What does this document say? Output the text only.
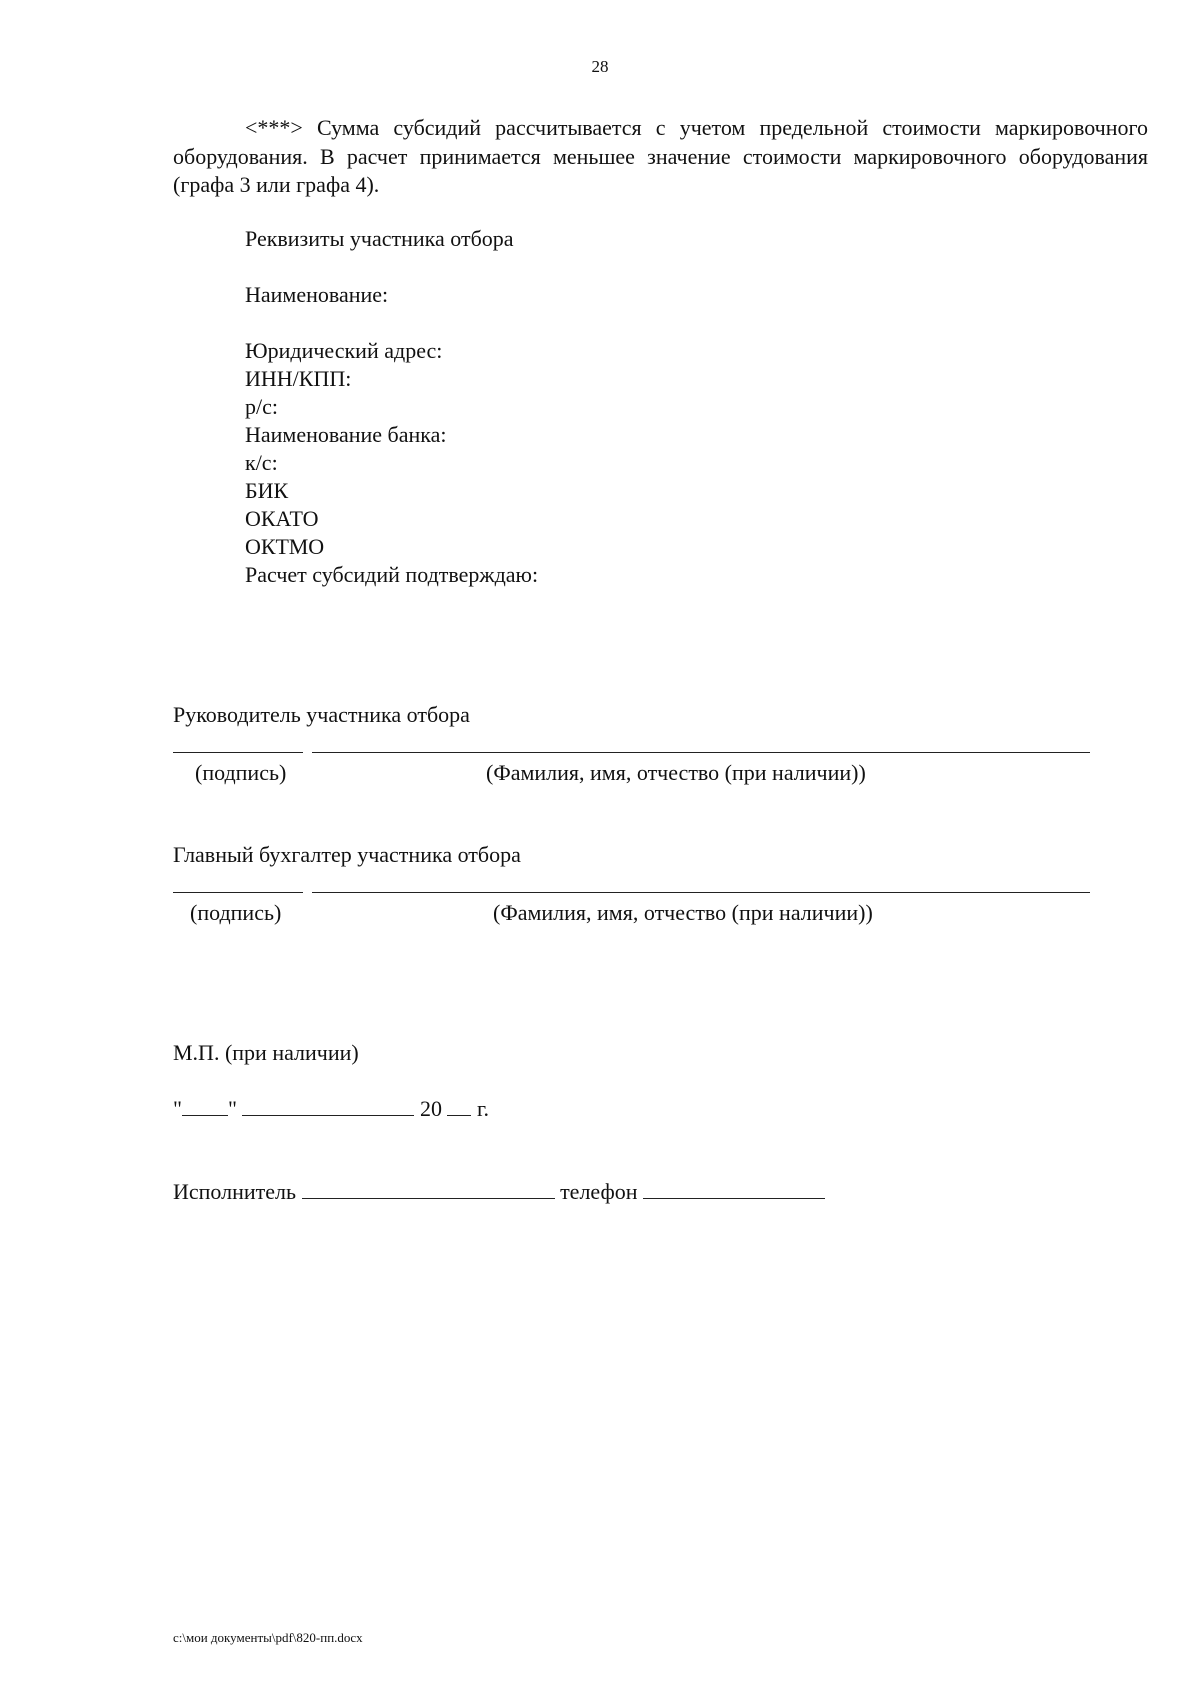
28
<***> Сумма субсидий рассчитывается с учетом предельной стоимости маркировочного оборудования. В расчет принимается меньшее значение стоимости маркировочного оборудования (графа 3 или графа 4).
Реквизиты участника отбора
Наименование:
Юридический адрес:
ИНН/КПП:
р/с:
Наименование банка:
к/с:
БИК
ОКАТО
ОКТМО
Расчет субсидий подтверждаю:
Руководитель участника отбора
(подпись)	(Фамилия, имя, отчество (при наличии))
Главный бухгалтер участника отбора
(подпись)	(Фамилия, имя, отчество (при наличии))
М.П. (при наличии)
" "	20 г.
Исполнитель	телефон
c:\мои документы\pdf\820-пп.docx
